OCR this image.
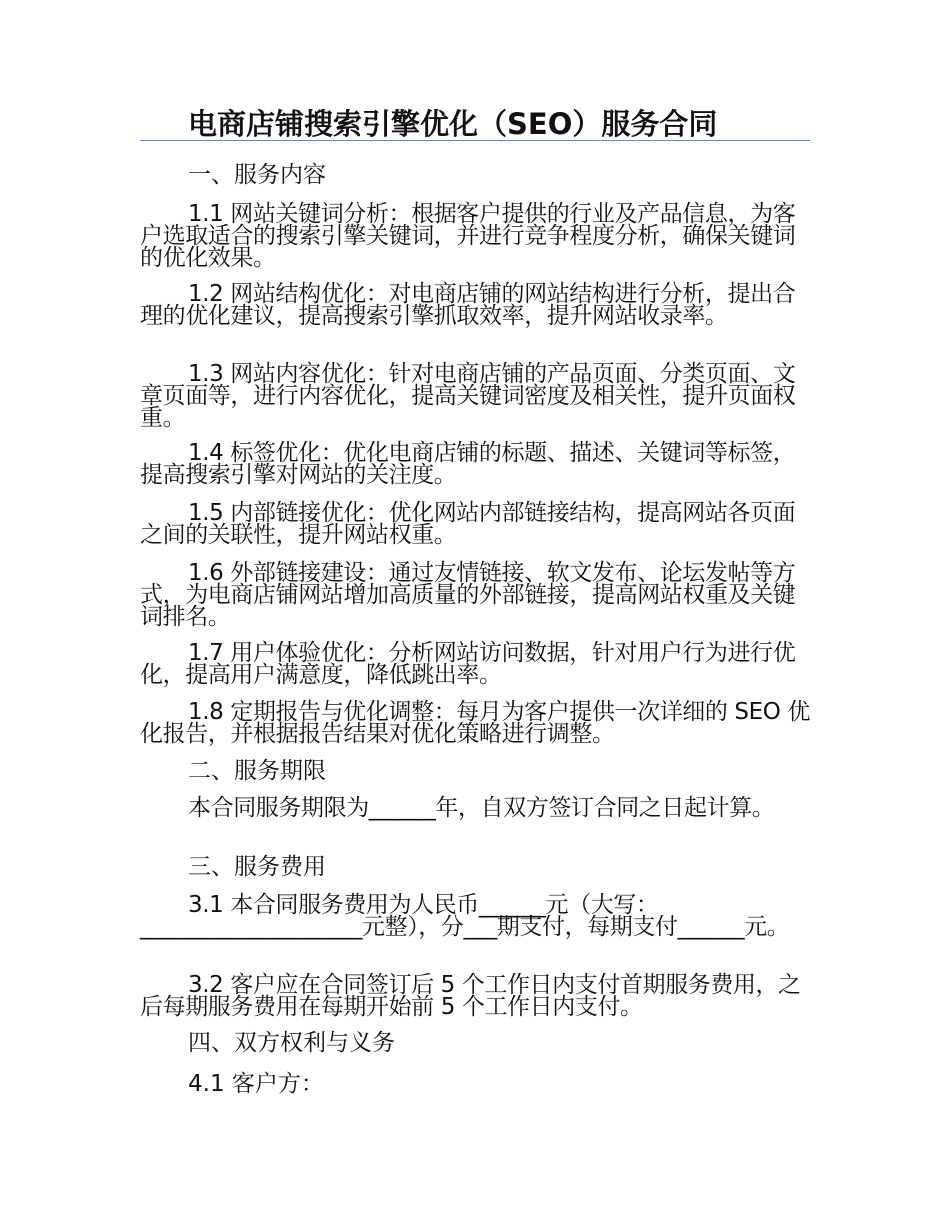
电商店铺搜索引擎优化（SEO）服务合同

一、服务内容

1.1 网站关键词分析：根据客户提供的行业及产品信息，为客户选取适合的搜索引擎关键词，并进行竞争程度分析，确保关键词的优化效果。

1.2 网站结构优化：对电商店铺的网站结构进行分析，提出合理的优化建议，提高搜索引擎抓取效率，提升网站收录率。

1.3 网站内容优化：针对电商店铺的产品页面、分类页面、文章页面等，进行内容优化，提高关键词密度及相关性，提升页面权重。

1.4 标签优化：优化电商店铺的标题、描述、关键词等标签，提高搜索引擎对网站的关注度。

1.5 内部链接优化：优化网站内部链接结构，提高网站各页面之间的关联性，提升网站权重。

1.6 外部链接建设：通过友情链接、软文发布、论坛发帖等方式，为电商店铺网站增加高质量的外部链接，提高网站权重及关键词排名。

1.7 用户体验优化：分析网站访问数据，针对用户行为进行优化，提高用户满意度，降低跳出率。

1.8 定期报告与优化调整：每月为客户提供一次详细的 SEO 优化报告，并根据报告结果对优化策略进行调整。

二、服务期限

本合同服务期限为______年，自双方签订合同之日起计算。

三、服务费用

3.1 本合同服务费用为人民币______元（大写：____________________元整），分___期支付，每期支付______元。

3.2 客户应在合同签订后 5 个工作日内支付首期服务费用，之后每期服务费用在每期开始前 5 个工作日内支付。

四、双方权利与义务

4.1 客户方：
